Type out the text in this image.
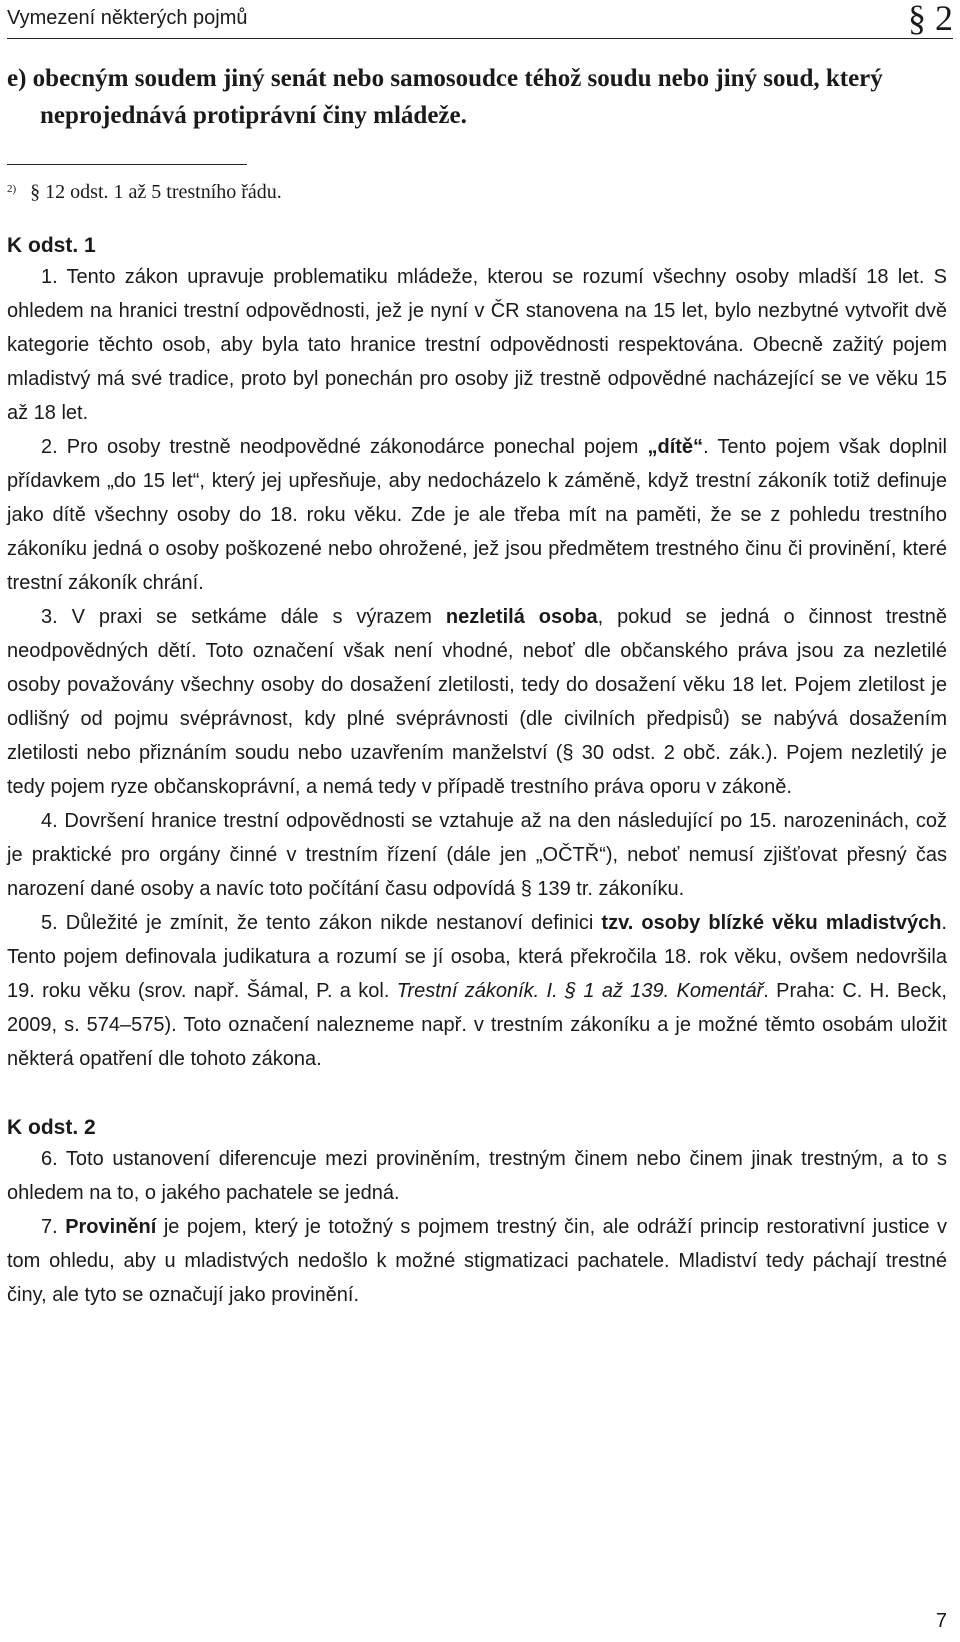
Vymezení některých pojmů	§ 2

e) obecným soudem jiný senát nebo samosoudce téhož soudu nebo jiný soud, který neprojednává protiprávní činy mládeže.

$^{2)}$ § 12 odst. 1 až 5 trestního řádu.

K odst. 1

1. Tento zákon upravuje problematiku mládeže, kterou se rozumí všechny osoby mladší 18 let. S ohledem na hranici trestní odpovědnosti, jež je nyní v ČR stanovena na 15 let, bylo nezbytné vytvořit dvě kategorie těchto osob, aby byla tato hranice trestní odpovědnosti respektována. Obecně zažitý pojem mladistvý má své tradice, proto byl ponechán pro osoby již trestně odpovědné nacházející se ve věku 15 až 18 let.

2. Pro osoby trestně neodpovědné zákonodárce ponechal pojem „dítě“. Tento pojem však doplnil přídavkem „do 15 let“, který jej upřesňuje, aby nedocházelo k záměně, když trestní zákoník totiž definuje jako dítě všechny osoby do 18. roku věku. Zde je ale třeba mít na paměti, že se z pohledu trestního zákoníku jedná o osoby poškozené nebo ohrožené, jež jsou předmětem trestného činu či provinění, které trestní zákoník chrání.

3. V praxi se setkáme dále s výrazem nezletilá osoba, pokud se jedná o činnost trestně neodpovědných dětí. Toto označení však není vhodné, neboť dle občanského práva jsou za nezletilé osoby považovány všechny osoby do dosažení zletilosti, tedy do dosažení věku 18 let. Pojem zletilost je odlišný od pojmu svéprávnost, kdy plné svéprávnosti (dle civilních předpisů) se nabývá dosažením zletilosti nebo přiznáním soudu nebo uzavřením manželství (§ 30 odst. 2 obč. zák.). Pojem nezletilý je tedy pojem ryze občanskoprávní, a nemá tedy v případě trestního práva oporu v zákoně.

4. Dovršení hranice trestní odpovědnosti se vztahuje až na den následující po 15. narozeninách, což je praktické pro orgány činné v trestním řízení (dále jen „OČTŘ“), neboť nemusí zjišťovat přesný čas narození dané osoby a navíc toto počítání času odpovídá § 139 tr. zákoníku.

5. Důležité je zmínit, že tento zákon nikde nestanoví definici tzv. osoby blízké věku mladistvých. Tento pojem definovala judikatura a rozumí se jí osoba, která překročila 18. rok věku, ovšem nedovršila 19. roku věku (srov. např. Šámal, P. a kol. Trestní zákoník. I. § 1 až 139. Komentář. Praha: C. H. Beck, 2009, s. 574–575). Toto označení nalezneme např. v trestním zákoníku a je možné těmto osobám uložit některá opatření dle tohoto zákona.

K odst. 2

6. Toto ustanovení diferencuje mezi proviněním, trestným činem nebo činem jinak trestným, a to s ohledem na to, o jakého pachatele se jedná.

7. Provinění je pojem, který je totožný s pojmem trestný čin, ale odráží princip restorativní justice v tom ohledu, aby u mladistvých nedošlo k možné stigmatizaci pachatele. Mladiství tedy páchají trestné činy, ale tyto se označují jako provinění.

7
